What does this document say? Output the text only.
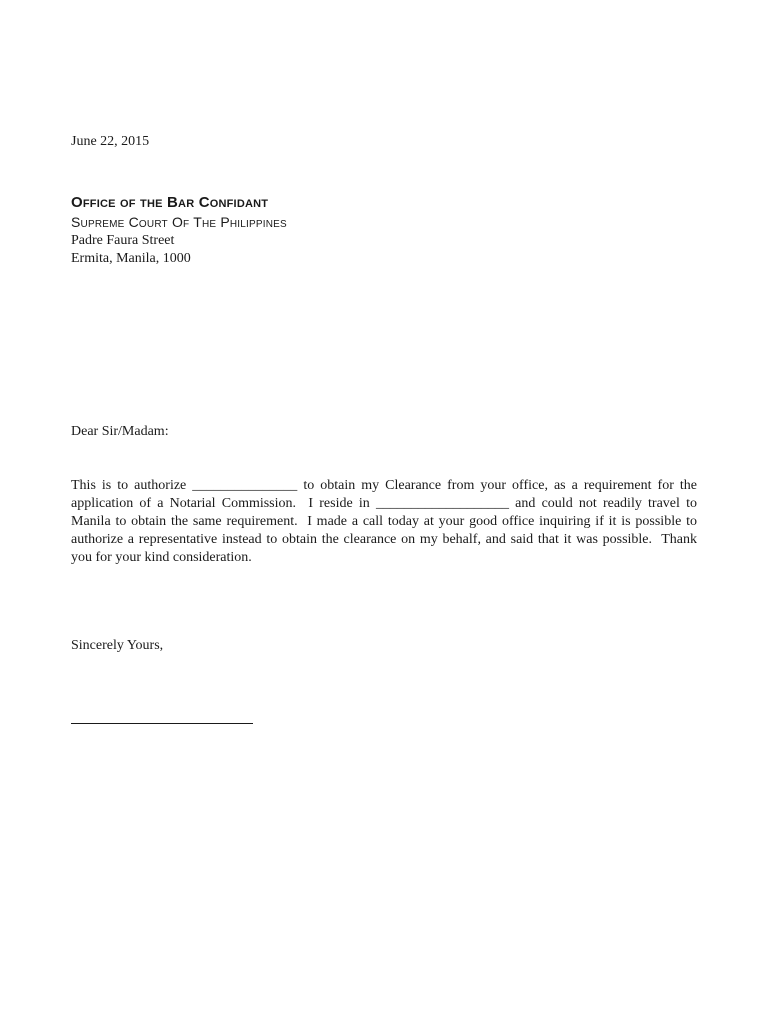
June 22, 2015

Office of the Bar Confidant
Supreme Court Of The Philippines
Padre Faura Street
Ermita, Manila, 1000

Dear Sir/Madam:

This is to authorize _______________ to obtain my Clearance from your office, as a requirement for the application of a Notarial Commission.  I reside in ___________________ and could not readily travel to Manila to obtain the same requirement.  I made a call today at your good office inquiring if it is possible to authorize a representative instead to obtain the clearance on my behalf, and said that it was possible.  Thank you for your kind consideration.

Sincerely Yours,
